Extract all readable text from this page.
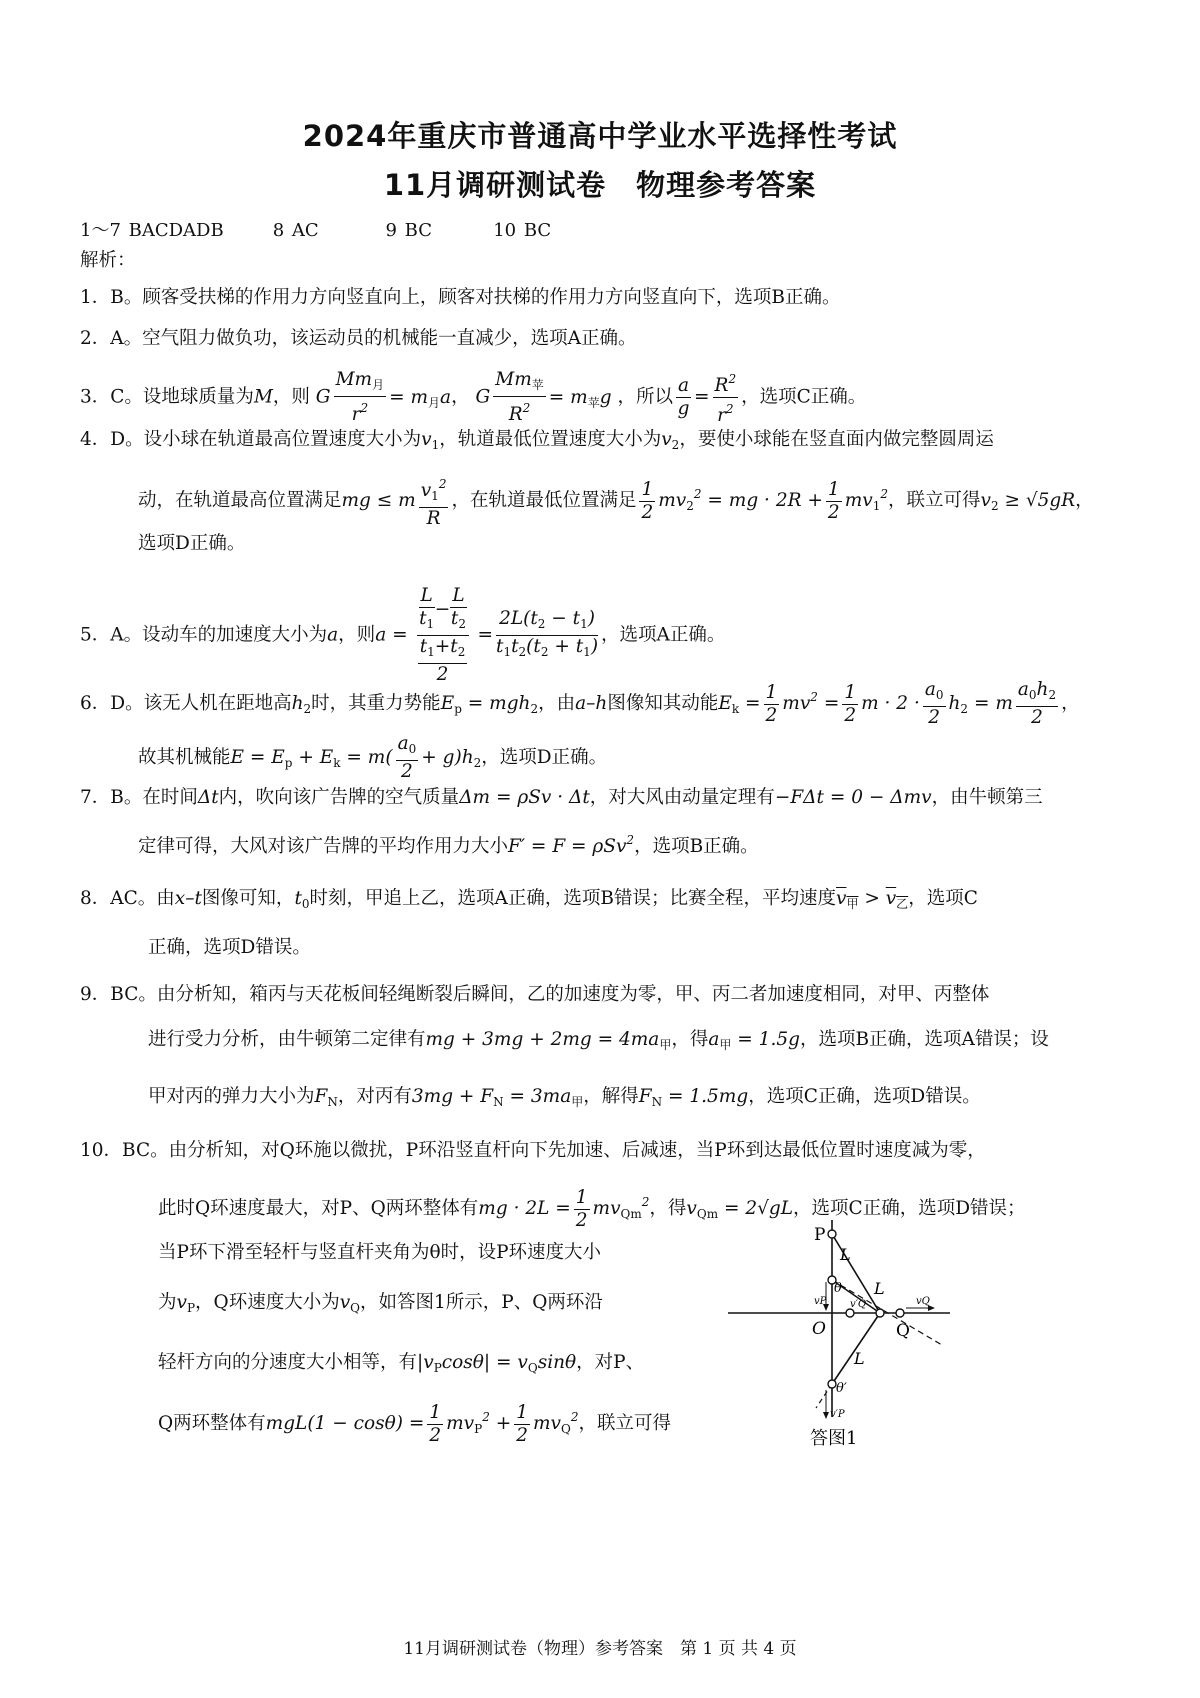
2024年重庆市普通高中学业水平选择性考试
11月调研测试卷　物理参考答案
1～7 BACDADB	8 AC	9 BC	10 BC
解析：
1．B。顾客受扶梯的作用力方向竖直向上，顾客对扶梯的作用力方向竖直向下，选项B正确。
2．A。空气阻力做负功，该运动员的机械能一直减少，选项A正确。
3．C。设地球质量为M，则 G $\frac{Mm_月}{r^2} = m_月a$， G $\frac{Mm_苹}{R^2} = m_苹g$ ，所以 $\frac{a}{g} = \frac{R^2}{r^2}$ ，选项C正确。
4．D。设小球在轨道最高位置速度大小为$v_1$，轨道最低位置速度大小为$v_2$，要使小球能在竖直面内做完整圆周运
动，在轨道最高位置满足mg ≤ m $\frac{v_1^2}{R}$ ，在轨道最低位置满足 $\frac{1}{2} mv_2^2$ = mg · $2R + \frac{1}{2} mv_1^2$，联立可得$v_2 \ge √5gR$，
选项D正确。
5．A。设动车的加速度大小为a，则$a = \frac{\frac{L}{t_1} - \frac{L}{t_2}}{\frac{t_1+t_2}{2}} = \frac{2L(t_2 - t_1)}{t_1t_2(t_2 + t_1)}$ ，选项A正确。
6．D。该无人机在距地高$h_2$时，其重力势能$E_p = mgh_2$，由a–h图像知其动能$E_k = \frac{1}{2} mv^2 = \frac{1}{2}$ $m \cdot 2 \cdot \frac{a_0}{2} h_2 = m \frac{a_0h_2}{2}$ ，
故其机械能$E = E_p + E_k = m( \frac{a_0}{2} + g)h_2$，选项D正确。
7．B。在时间Δt内，吹向该广告牌的空气质量Δm = ρSv · Δt，对大风由动量定理有−FΔt = 0 − Δmv，由牛顿第三
定律可得，大风对该广告牌的平均作用力大小F′ = F = ρSv$^2$，选项B正确。
8．AC。由x–t图像可知，$t_0$时刻，甲追上乙，选项A正确，选项B错误；比赛全程，平均速度$v_甲 > v_乙$，选项C
正确，选项D错误。
9．BC。由分析知，箱丙与天花板间轻绳断裂后瞬间，乙的加速度为零，甲、丙二者加速度相同，对甲、丙整体
进行受力分析，由牛顿第二定律有mg + $3mg + 2mg = 4ma_甲$，得$a_甲 = 1.5g$，选项B正确，选项A错误；设
甲对丙的弹力大小为$F_N$，对丙有$3mg + F_N = 3ma_甲$，解得$F_N = 1.5mg$，选项C正确，选项D错误。
10．BC。由分析知，对Q环施以微扰，P环沿竖直杆向下先加速、后减速，当P环到达最低位置时速度减为零，
此时Q环速度最大，对P、Q两环整体有mg · $2L = \frac{1}{2} mv_{Qm}^2$，得$v_{Qm} = 2√gL$，选项C正确，选项D错误；
当P环下滑至轻杆与竖直杆夹角为θ时，设P环速度大小
为$v_P$，Q环速度大小为$v_Q$，如答图1所示，P、Q两环沿
轻杆方向的分速度大小相等，有$|v_P\cos\theta| = v_Q\sin\theta$，对P、
Q两环整体有$mgL(1 - \cos\theta) = \frac{1}{2} mv_P^2 + \frac{1}{2} mv_Q^2$，联立可得
P
L
θ L
vP v′Q	vQ
O	Q
L
θ′
v′P
答图1
11月调研测试卷（物理）参考答案　第 1 页 共 4 页
